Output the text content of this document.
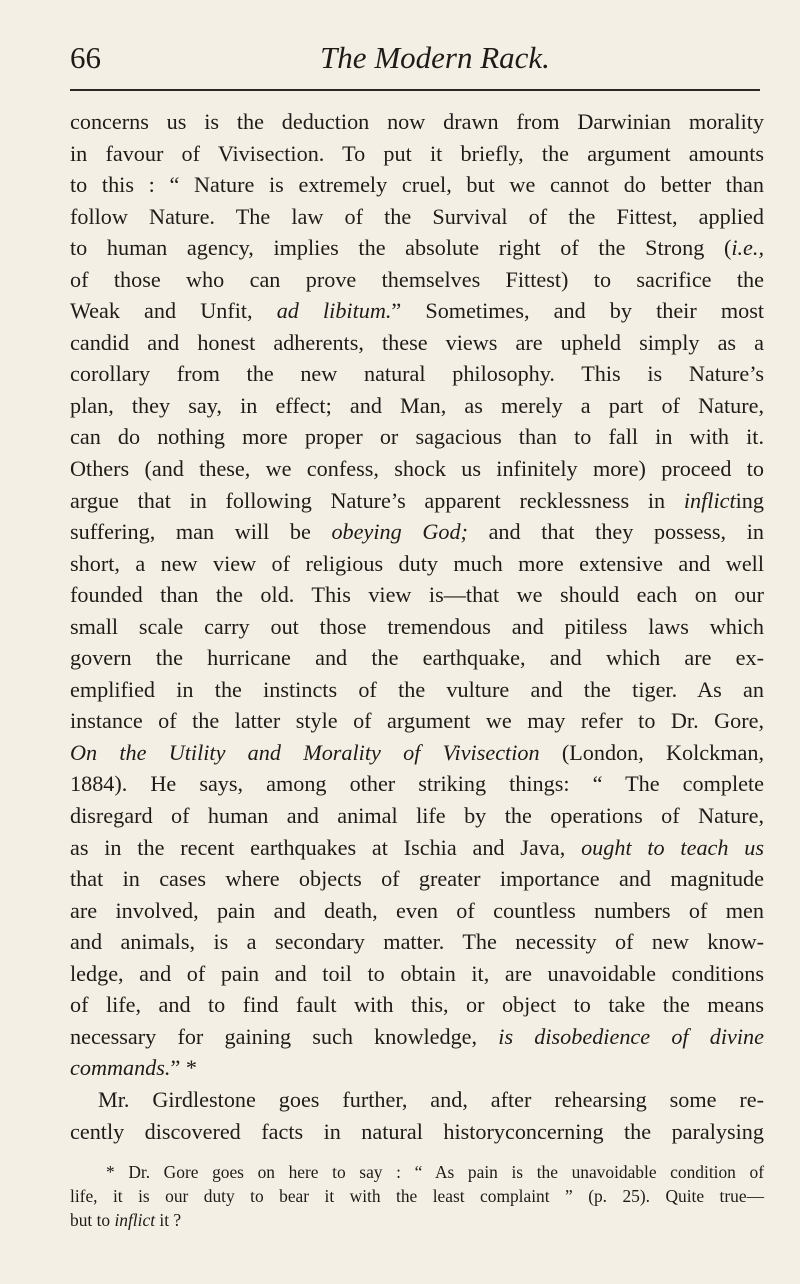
66	The Modern Rack.

concerns us is the deduction now drawn from Darwinian morality
in favour of Vivisection. To put it briefly, the argument amounts
to this : “ Nature is extremely cruel, but we cannot do better than
follow Nature. The law of the Survival of the Fittest, applied
to human agency, implies the absolute right of the Strong (i.e.,
of those who can prove themselves Fittest) to sacrifice the
Weak and Unfit, ad libitum.” Sometimes, and by their most
candid and honest adherents, these views are upheld simply as a
corollary from the new natural philosophy. This is Nature’s
plan, they say, in effect; and Man, as merely a part of Nature,
can do nothing more proper or sagacious than to fall in with it.
Others (and these, we confess, shock us infinitely more) proceed to
argue that in following Nature’s apparent recklessness in inflicting
suffering, man will be obeying God; and that they possess, in
short, a new view of religious duty much more extensive and well
founded than the old. This view is—that we should each on our
small scale carry out those tremendous and pitiless laws which
govern the hurricane and the earthquake, and which are ex-
emplified in the instincts of the vulture and the tiger. As an
instance of the latter style of argument we may refer to Dr. Gore,
On the Utility and Morality of Vivisection (London, Kolckman,
1884). He says, among other striking things: “ The complete
disregard of human and animal life by the operations of Nature,
as in the recent earthquakes at Ischia and Java, ought to teach us
that in cases where objects of greater importance and magnitude
are involved, pain and death, even of countless numbers of men
and animals, is a secondary matter. The necessity of new know-
ledge, and of pain and toil to obtain it, are unavoidable conditions
of life, and to find fault with this, or object to take the means
necessary for gaining such knowledge, is disobedience of divine
commands.” *

Mr. Girdlestone goes further, and, after rehearsing some re-
cently discovered facts in natural historyconcerning the paralysing

* Dr. Gore goes on here to say : “ As pain is the unavoidable condition of
life, it is our duty to bear it with the least complaint ” (p. 25). Quite true—
but to inflict it ?
